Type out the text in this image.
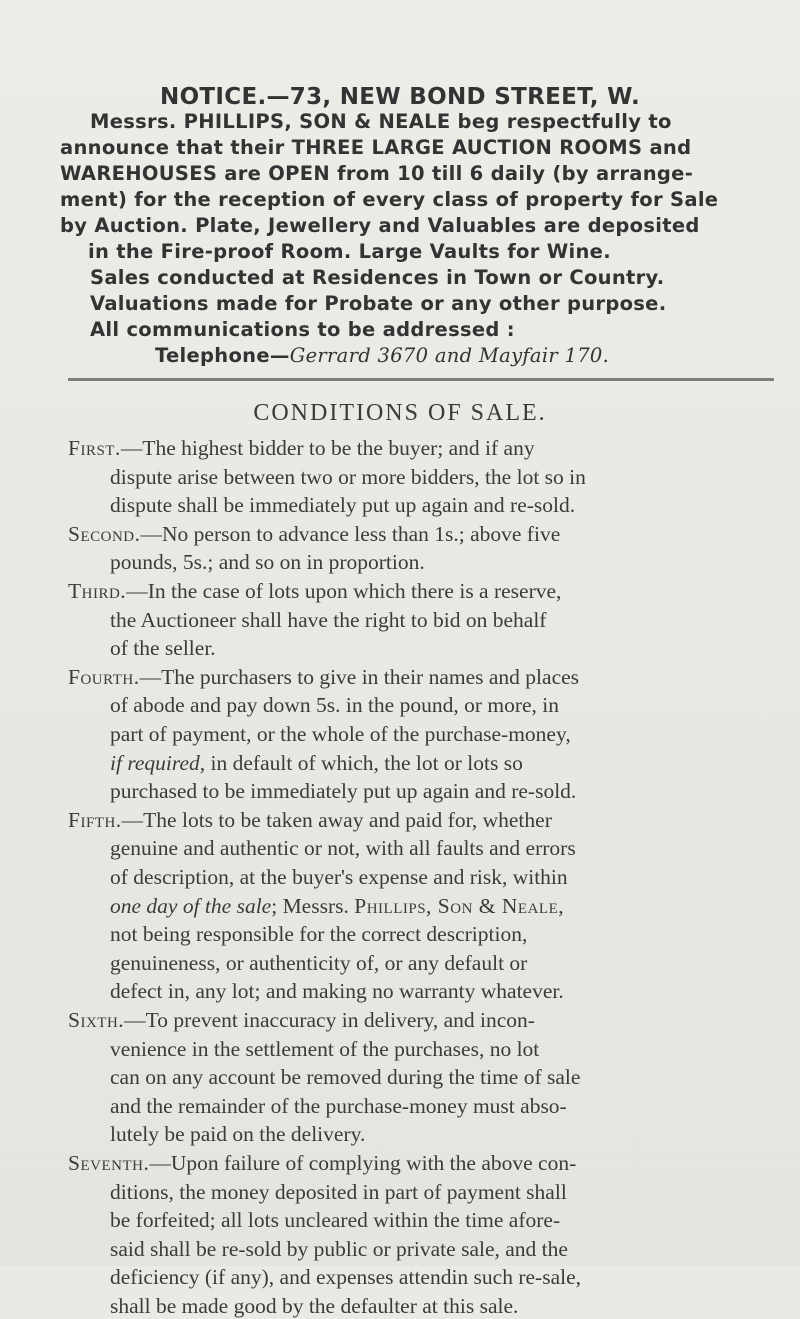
NOTICE.—73, NEW BOND STREET, W.
Messrs. PHILLIPS, SON & NEALE beg respectfully to
announce that their THREE LARGE AUCTION ROOMS and
WAREHOUSES are OPEN from 10 till 6 daily (by arrange-
ment) for the reception of every class of property for Sale
by Auction. Plate, Jewellery and Valuables are deposited
in the Fire-proof Room. Large Vaults for Wine.
Sales conducted at Residences in Town or Country.
Valuations made for Probate or any other purpose.
All communications to be addressed :
CONDITIONS OF SALE.
First.—The highest bidder to be the buyer; and if any
dispute arise between two or more bidders, the lot so in
dispute shall be immediately put up again and re-sold.
Second.—No person to advance less than 1s.; above five
pounds, 5s.; and so on in proportion.
Third.—In the case of lots upon which there is a reserve,
the Auctioneer shall have the right to bid on behalf
of the seller.
Fourth.—The purchasers to give in their names and places
of abode and pay down 5s. in the pound, or more, in
part of payment, or the whole of the purchase-money,
if required, in default of which, the lot or lots so
purchased to be immediately put up again and re-sold.
Fifth.—The lots to be taken away and paid for, whether
genuine and authentic or not, with all faults and errors
of description, at the buyer's expense and risk, within
one day of the sale; Messrs. Phillips, Son & Neale,
not being responsible for the correct description,
genuineness, or authenticity of, or any default or
defect in, any lot; and making no warranty whatever.
Sixth.—To prevent inaccuracy in delivery, and incon-
venience in the settlement of the purchases, no lot
can on any account be removed during the time of sale
and the remainder of the purchase-money must abso-
Telephone—Gerrard 3670 and Mayfair 170.
lutely be paid on the delivery.
Seventh.—Upon failure of complying with the above con-
ditions, the money deposited in part of payment shall
be forfeited; all lots uncleared within the time afore-
said shall be re-sold by public or private sale, and the
deficiency (if any), and expenses attendin such re-sale,
shall be made good by the defaulter at this sale.
